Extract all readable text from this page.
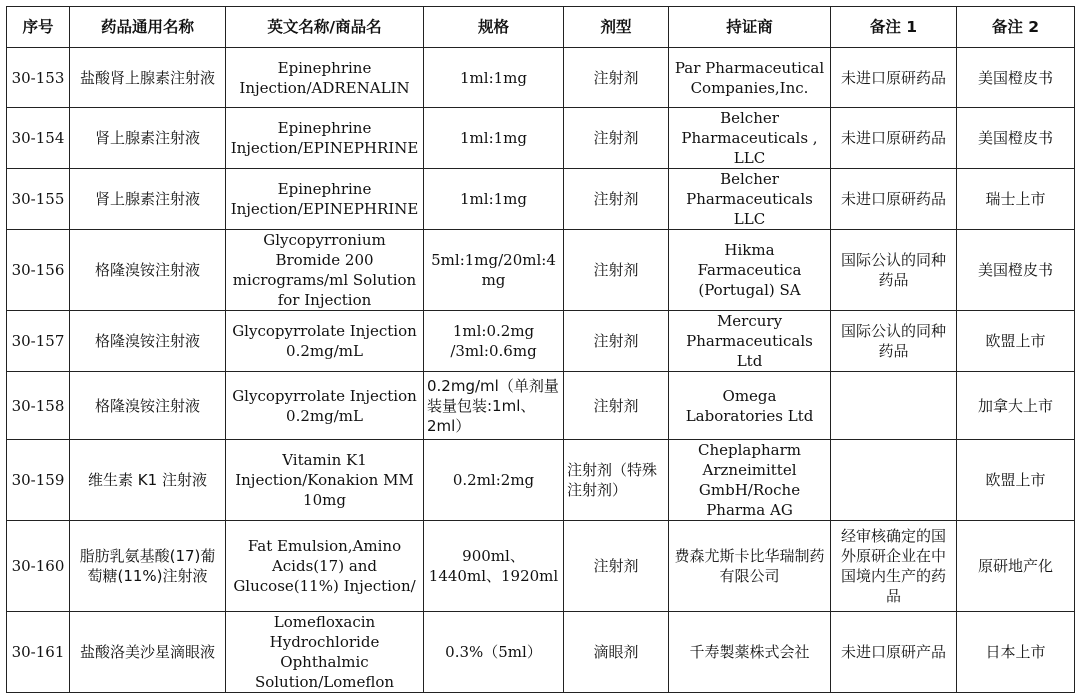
序号	药品通用名称	英文名称/商品名	规格	剂型	持证商	备注 1	备注 2
30-153	盐酸肾上腺素注射液	Epinephrine Injection/ADRENALIN	1ml:1mg	注射剂	Par Pharmaceutical Companies,Inc.	未进口原研药品	美国橙皮书
30-154	肾上腺素注射液	Epinephrine Injection/EPINEPHRINE	1ml:1mg	注射剂	Belcher Pharmaceuticals , LLC	未进口原研药品	美国橙皮书
30-155	肾上腺素注射液	Epinephrine Injection/EPINEPHRINE	1ml:1mg	注射剂	Belcher Pharmaceuticals LLC	未进口原研药品	瑞士上市
30-156	格隆溴铵注射液	Glycopyrronium Bromide 200 micrograms/ml Solution for Injection	5ml:1mg/20ml:4mg	注射剂	Hikma Farmaceutica (Portugal) SA	国际公认的同种药品	美国橙皮书
30-157	格隆溴铵注射液	Glycopyrrolate Injection 0.2mg/mL	1ml:0.2mg /3ml:0.6mg	注射剂	Mercury Pharmaceuticals Ltd	国际公认的同种药品	欧盟上市
30-158	格隆溴铵注射液	Glycopyrrolate Injection 0.2mg/mL	0.2mg/ml（单剂量装量包装:1ml、2ml）	注射剂	Omega Laboratories Ltd		加拿大上市
30-159	维生素 K1 注射液	Vitamin K1 Injection/Konakion MM 10mg	0.2ml:2mg	注射剂（特殊注射剂）	Cheplapharm Arzneimittel GmbH/Roche Pharma AG		欧盟上市
30-160	脂肪乳氨基酸(17)葡萄糖(11%)注射液	Fat Emulsion,Amino Acids(17) and Glucose(11%) Injection/	900ml、1440ml、1920ml	注射剂	费森尤斯卡比华瑞制药有限公司	经审核确定的国外原研企业在中国境内生产的药品	原研地产化
30-161	盐酸洛美沙星滴眼液	Lomefloxacin Hydrochloride Ophthalmic Solution/Lomeflon	0.3%（5ml）	滴眼剂	千寿製薬株式会社	未进口原研产品	日本上市
